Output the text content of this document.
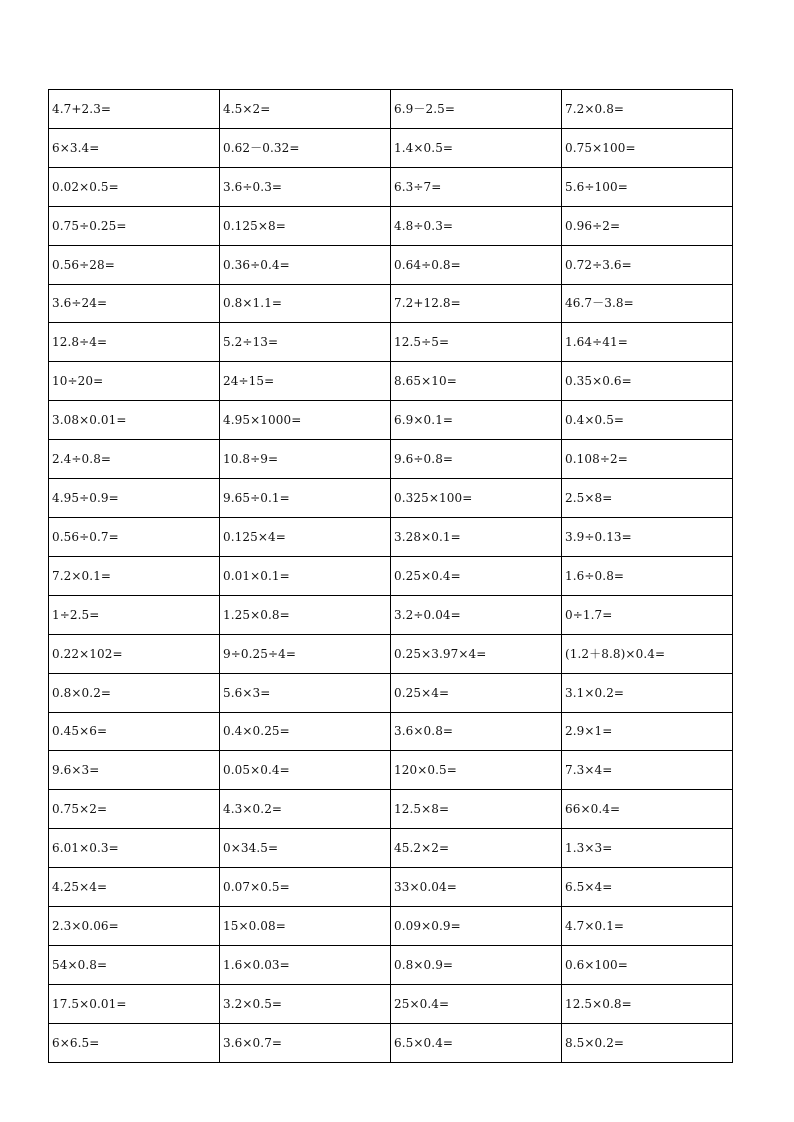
4.7+2.3=	4.5×2=	6.9－2.5=	7.2×0.8=
6×3.4=	0.62－0.32=	1.4×0.5=	0.75×100=
0.02×0.5=	3.6÷0.3=	6.3÷7=	5.6÷100=
0.75÷0.25=	0.125×8=	4.8÷0.3=	0.96÷2=
0.56÷28=	0.36÷0.4=	0.64÷0.8=	0.72÷3.6=
3.6÷24=	0.8×1.1=	7.2+12.8=	46.7－3.8=
12.8÷4=	5.2÷13=	12.5÷5=	1.64÷41=
10÷20=	24÷15=	8.65×10=	0.35×0.6=
3.08×0.01=	4.95×1000=	6.9×0.1=	0.4×0.5=
2.4÷0.8=	10.8÷9=	9.6÷0.8=	0.108÷2=
4.95÷0.9=	9.65÷0.1=	0.325×100=	2.5×8=
0.56÷0.7=	0.125×4=	3.28×0.1=	3.9÷0.13=
7.2×0.1=	0.01×0.1=	0.25×0.4=	1.6÷0.8=
1÷2.5=	1.25×0.8=	3.2÷0.04=	0÷1.7=
0.22×102=	9÷0.25÷4=	0.25×3.97×4=	(1.2＋8.8)×0.4=
0.8×0.2=	5.6×3=	0.25×4=	3.1×0.2=
0.45×6=	0.4×0.25=	3.6×0.8=	2.9×1=
9.6×3=	0.05×0.4=	120×0.5=	7.3×4=
0.75×2=	4.3×0.2=	12.5×8=	66×0.4=
6.01×0.3=	0×34.5=	45.2×2=	1.3×3=
4.25×4=	0.07×0.5=	33×0.04=	6.5×4=
2.3×0.06=	15×0.08=	0.09×0.9=	4.7×0.1=
54×0.8=	1.6×0.03=	0.8×0.9=	0.6×100=
17.5×0.01=	3.2×0.5=	25×0.4=	12.5×0.8=
6×6.5=	3.6×0.7=	6.5×0.4=	8.5×0.2=
